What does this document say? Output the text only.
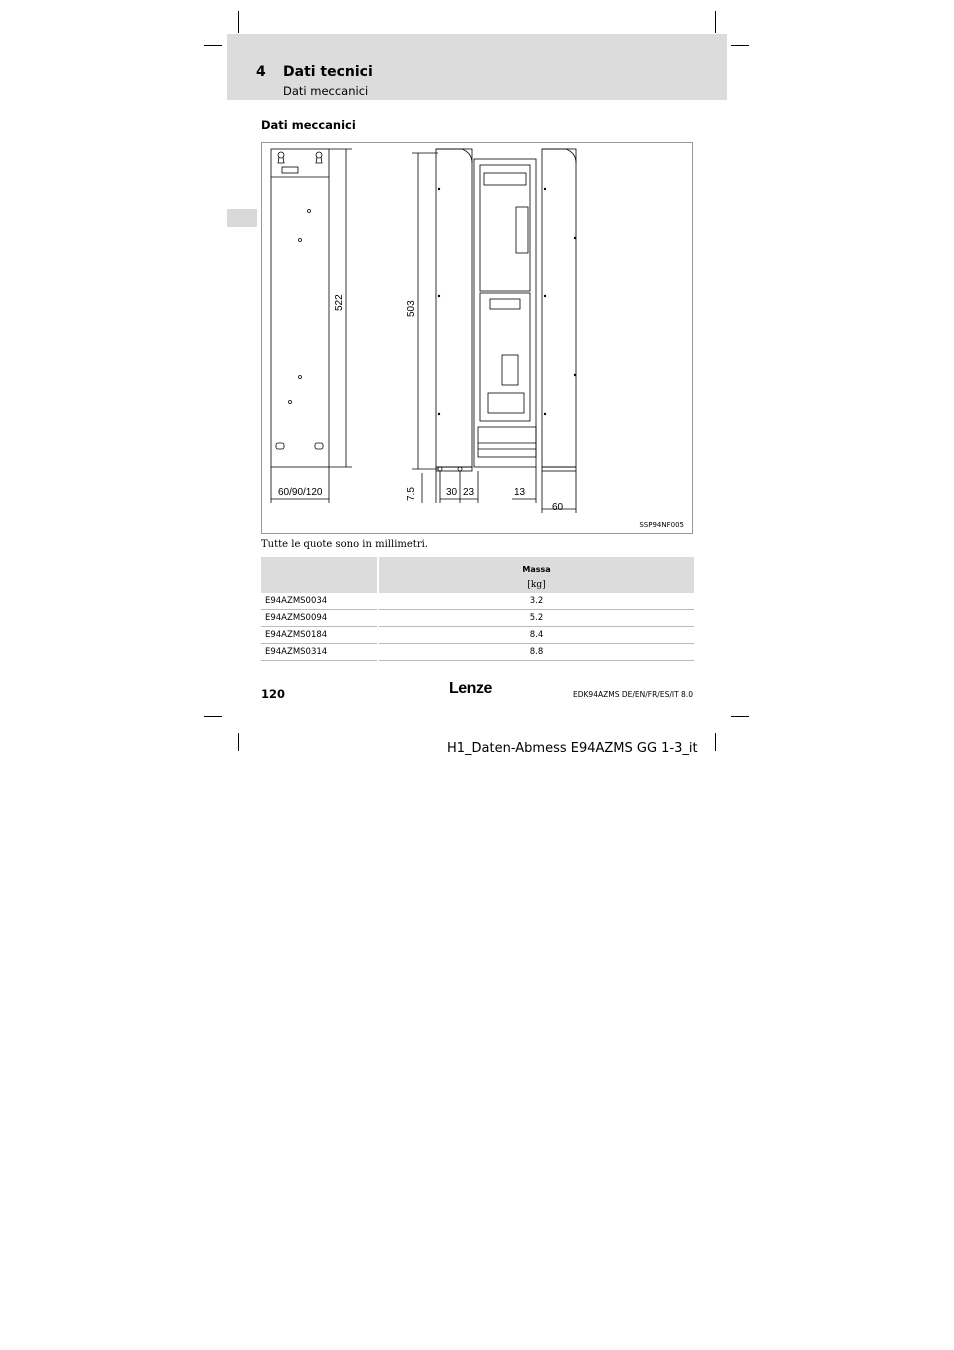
4 Dati tecnici
Dati meccanici
Dati meccanici
522	503
60/90/120	7.5	30 23	13
60
SSP94NF005
Tutte le quote sono in millimetri.

	Massa
[kg]

E94AZMS0034	3.2
E94AZMS0094	5.2
E94AZMS0184	8.4
E94AZMS0314	8.8
120	Lenze	EDK94AZMS DE/EN/FR/ES/IT 8.0
H1_Daten-Abmess E94AZMS GG 1-3_it
